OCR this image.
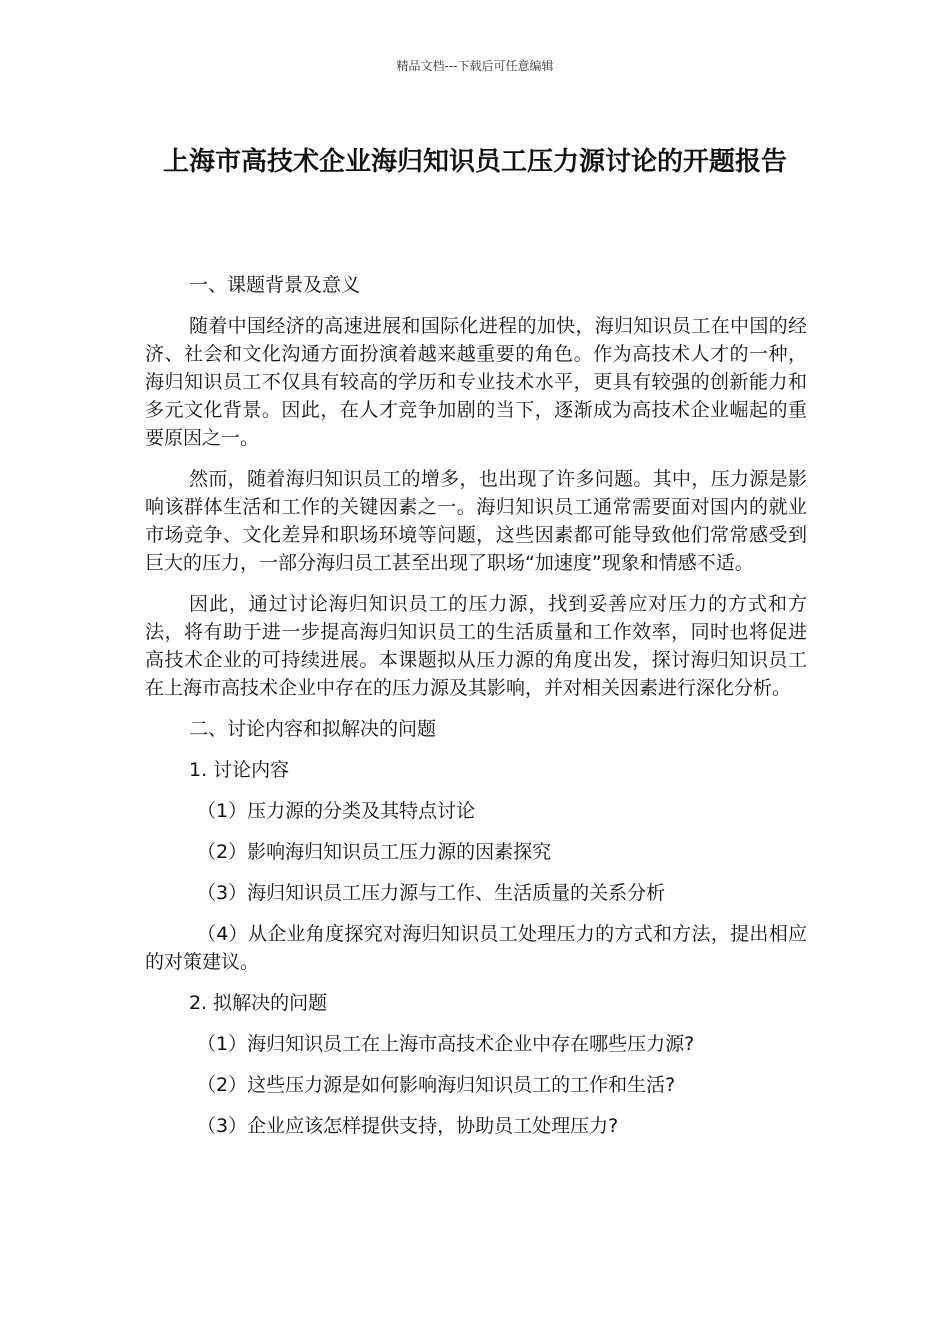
精品文档---下载后可任意编辑
上海市高技术企业海归知识员工压力源讨论的开题报告

一、课题背景及意义

随着中国经济的高速进展和国际化进程的加快，海归知识员工在中国的经济、社会和文化沟通方面扮演着越来越重要的角色。作为高技术人才的一种，海归知识员工不仅具有较高的学历和专业技术水平，更具有较强的创新能力和多元文化背景。因此，在人才竞争加剧的当下，逐渐成为高技术企业崛起的重要原因之一。

然而，随着海归知识员工的增多，也出现了许多问题。其中，压力源是影响该群体生活和工作的关键因素之一。海归知识员工通常需要面对国内的就业市场竞争、文化差异和职场环境等问题，这些因素都可能导致他们常常感受到巨大的压力，一部分海归员工甚至出现了职场“加速度”现象和情感不适。

因此，通过讨论海归知识员工的压力源，找到妥善应对压力的方式和方法，将有助于进一步提高海归知识员工的生活质量和工作效率，同时也将促进高技术企业的可持续进展。本课题拟从压力源的角度出发，探讨海归知识员工在上海市高技术企业中存在的压力源及其影响，并对相关因素进行深化分析。

二、讨论内容和拟解决的问题

1. 讨论内容

（1）压力源的分类及其特点讨论

（2）影响海归知识员工压力源的因素探究

（3）海归知识员工压力源与工作、生活质量的关系分析

（4）从企业角度探究对海归知识员工处理压力的方式和方法，提出相应的对策建议。

2. 拟解决的问题

（1）海归知识员工在上海市高技术企业中存在哪些压力源?

（2）这些压力源是如何影响海归知识员工的工作和生活?

（3）企业应该怎样提供支持，协助员工处理压力?
